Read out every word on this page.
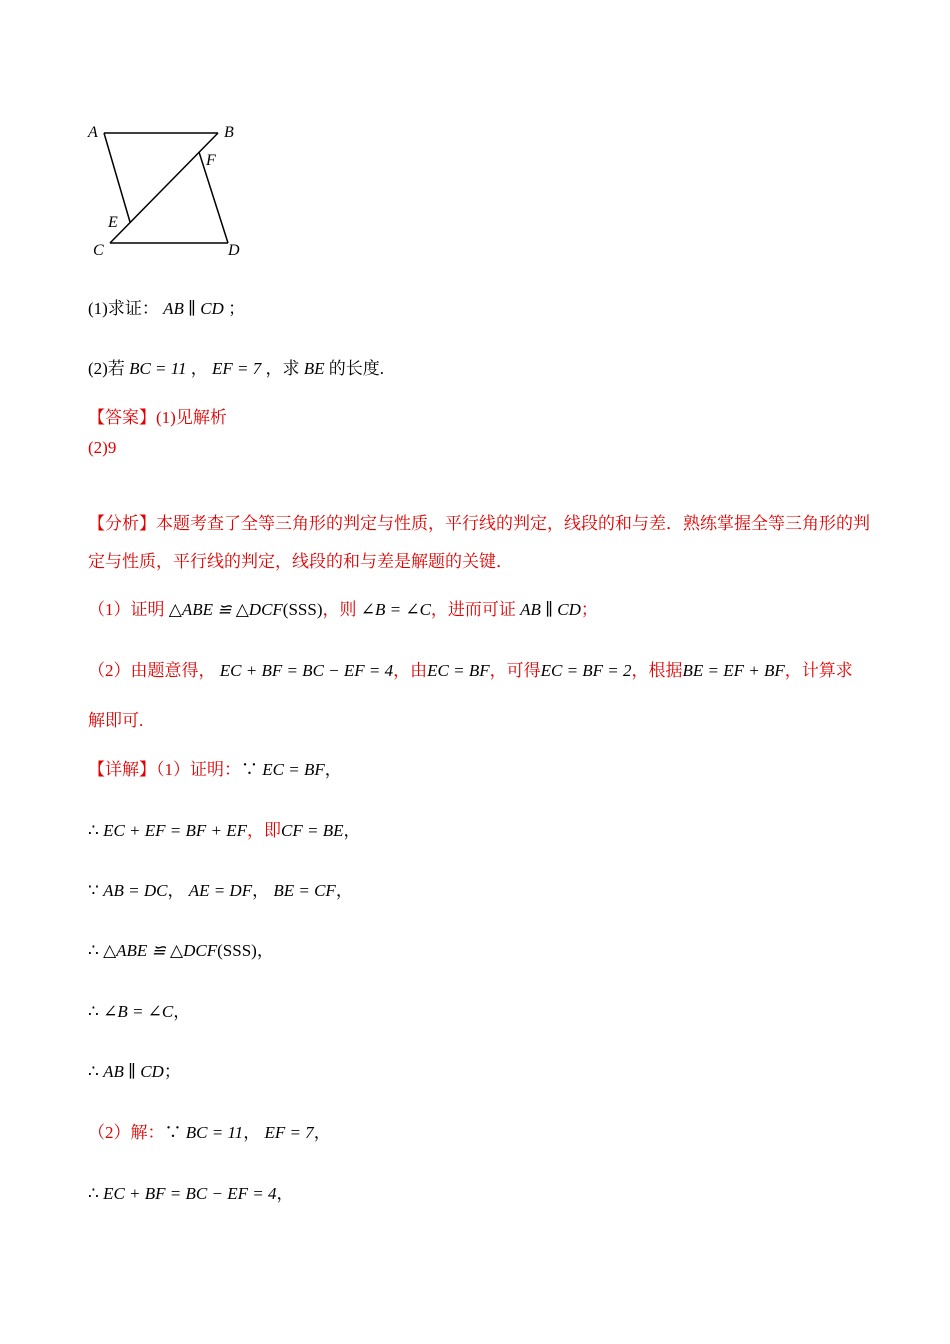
A	B
F
E
C	D
(1)求证： AB ∥ CD ；
(2)若 BC = 11 ， EF = 7 ，求 BE 的长度.
【答案】(1)见解析
(2)9
【分析】本题考查了全等三角形的判定与性质，平行线的判定，线段的和与差．熟练掌握全等三角形的判
定与性质，平行线的判定，线段的和与差是解题的关键．
（1）证明 △ABE ≌ △DCF(SSS)，则 ∠B = ∠C，进而可证 AB ∥ CD；
（2）由题意得， EC + BF = BC − EF = 4，由EC = BF，可得EC = BF = 2，根据BE = EF + BF，计算求
解即可.
【详解】（1）证明：∵ EC = BF，
∴ EC + EF = BF + EF，即CF = BE，
∵ AB = DC， AE = DF， BE = CF，
∴ △ABE ≌ △DCF(SSS)，
∴ ∠B = ∠C，
∴ AB ∥ CD；
（2）解：∵ BC = 11， EF = 7，
∴ EC + BF = BC − EF = 4，
